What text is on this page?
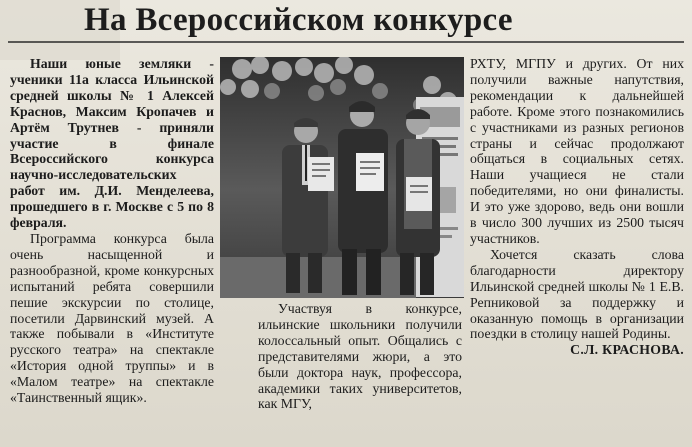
На Всероссийском конкурсе

Наши юные земляки - ученики 11а класса Ильинской средней школы № 1 Алексей Краснов, Максим Кропачев и Артём Трутнев - приняли участие в финале Всероссийского конкурса научно-исследовательских работ им. Д.И. Менделеева, прошедшего в г. Москве с 5 по 8 февраля.

Программа конкурса была очень насыщенной и разнообразной, кроме конкурсных испытаний ребята совершили пешие экскурсии по столице, посетили Дарвинский музей. А также побывали в «Институте русского театра» на спектакле «История одной труппы» и в «Малом театре» на спектакле «Таинственный ящик».

Участвуя в конкурсе, ильинские школьники получили колоссальный опыт. Общались с представителями жюри, а это были доктора наук, профессора, академики таких университетов, как МГУ,

РХТУ, МГПУ и других. От них получили важные напутствия, рекомендации к дальнейшей работе. Кроме этого познакомились с участниками из разных регионов страны и сейчас продолжают общаться в социальных сетях. Наши учащиеся не стали победителями, но они финалисты. И это уже здорово, ведь они вошли в число 300 лучших из 2500 тысяч участников.

Хочется сказать слова благодарности директору Ильинской средней школы № 1 Е.В. Репниковой за поддержку и оказанную помощь в организации поездки в столицу нашей Родины.

С.Л. КРАСНОВА.
